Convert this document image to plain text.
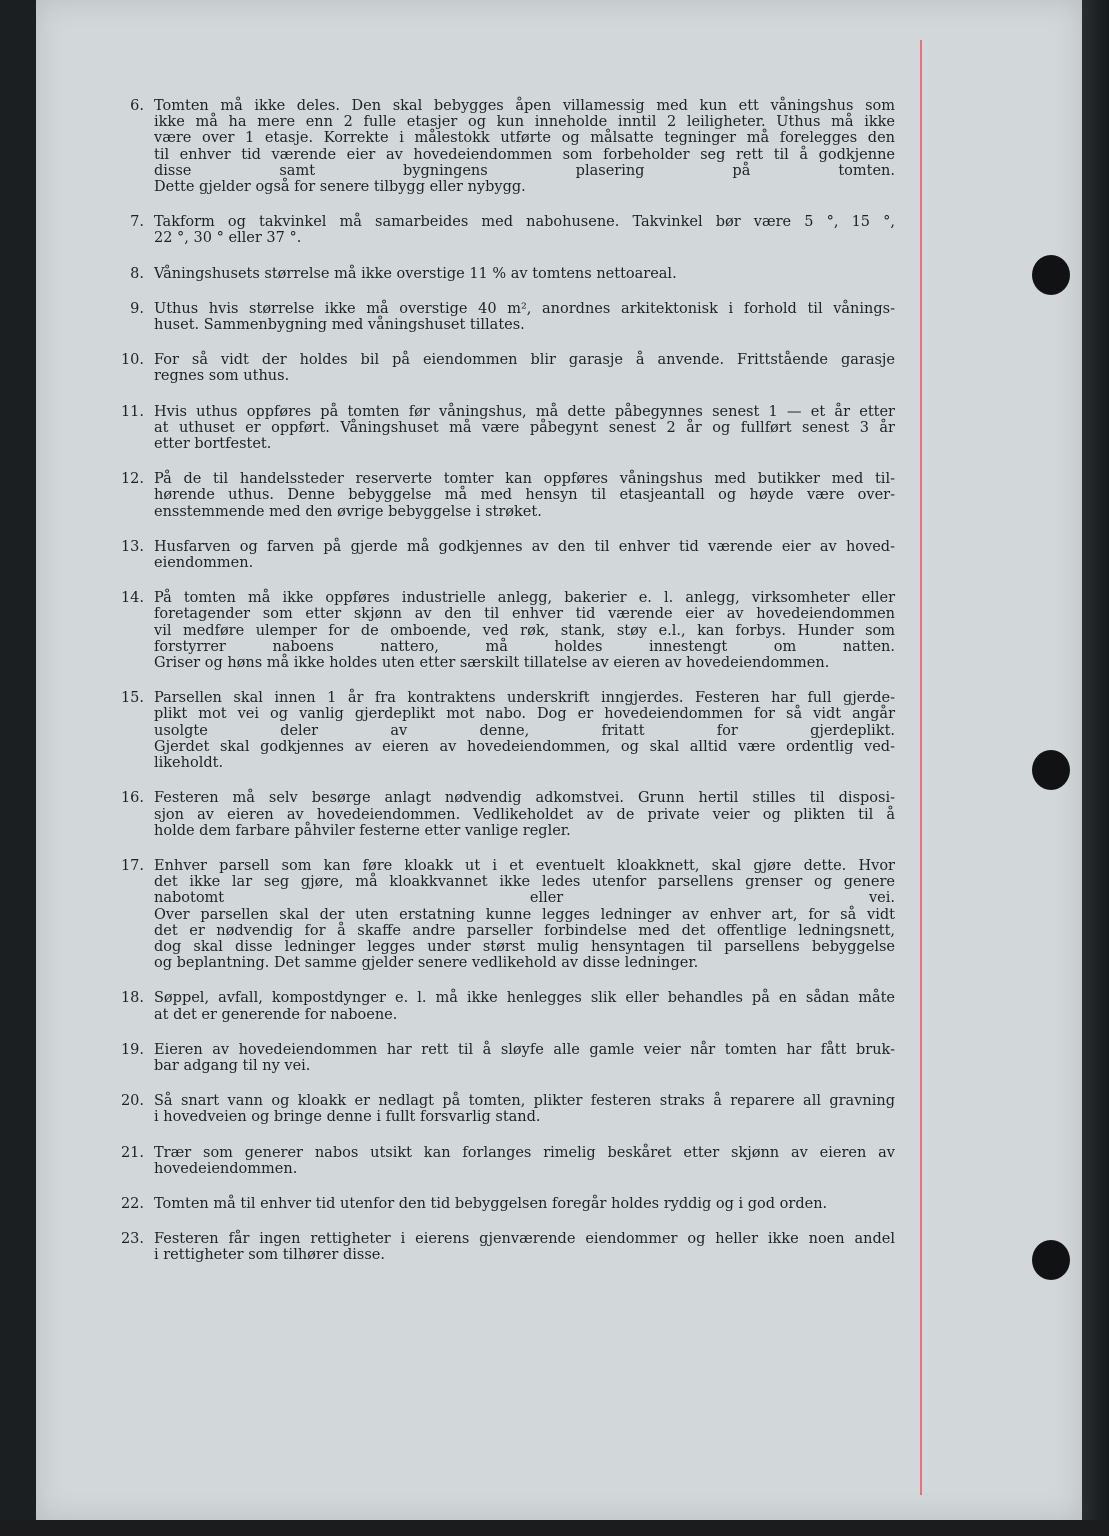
6. Tomten må ikke deles. Den skal bebygges åpen villamessig med kun ett våningshus som
ikke må ha mere enn 2 fulle etasjer og kun inneholde inntil 2 leiligheter. Uthus må ikke
være over 1 etasje. Korrekte i målestokk utførte og målsatte tegninger må forelegges den
til enhver tid værende eier av hovedeiendommen som forbeholder seg rett til å godkjenne
disse samt bygningens plasering på tomten.
Dette gjelder også for senere tilbygg eller nybygg.
7. Takform og takvinkel må samarbeides med nabohusene. Takvinkel bør være 5 °, 15 °,
22 °, 30 ° eller 37 °.
8. Våningshusets størrelse må ikke overstige 11 % av tomtens nettoareal.
9. Uthus hvis størrelse ikke må overstige 40 m², anordnes arkitektonisk i forhold til vånings-
huset. Sammenbygning med våningshuset tillates.
10. For så vidt der holdes bil på eiendommen blir garasje å anvende. Frittstående garasje
regnes som uthus.
11. Hvis uthus oppføres på tomten før våningshus, må dette påbegynnes senest 1 — et år etter
at uthuset er oppført. Våningshuset må være påbegynt senest 2 år og fullført senest 3 år
etter bortfestet.
12. På de til handelssteder reserverte tomter kan oppføres våningshus med butikker med til-
hørende uthus. Denne bebyggelse må med hensyn til etasjeantall og høyde være over-
ensstemmende med den øvrige bebyggelse i strøket.
13. Husfarven og farven på gjerde må godkjennes av den til enhver tid værende eier av hoved-
eiendommen.
14. På tomten må ikke oppføres industrielle anlegg, bakerier e. l. anlegg, virksomheter eller
foretagender som etter skjønn av den til enhver tid værende eier av hovedeiendommen
vil medføre ulemper for de omboende, ved røk, stank, støy e.l., kan forbys. Hunder som
forstyrrer naboens nattero, må holdes innestengt om natten.
Griser og høns må ikke holdes uten etter særskilt tillatelse av eieren av hovedeiendommen.
15. Parsellen skal innen 1 år fra kontraktens underskrift inngjerdes. Festeren har full gjerde-
plikt mot vei og vanlig gjerdeplikt mot nabo. Dog er hovedeiendommen for så vidt angår
usolgte deler av denne, fritatt for gjerdeplikt.
Gjerdet skal godkjennes av eieren av hovedeiendommen, og skal alltid være ordentlig ved-
likeholdt.
16. Festeren må selv besørge anlagt nødvendig adkomstvei. Grunn hertil stilles til disposi-
sjon av eieren av hovedeiendommen. Vedlikeholdet av de private veier og plikten til å
holde dem farbare påhviler festerne etter vanlige regler.
17. Enhver parsell som kan føre kloakk ut i et eventuelt kloakknett, skal gjøre dette. Hvor
det ikke lar seg gjøre, må kloakkvannet ikke ledes utenfor parsellens grenser og genere
nabotomt eller vei.
Over parsellen skal der uten erstatning kunne legges ledninger av enhver art, for så vidt
det er nødvendig for å skaffe andre parseller forbindelse med det offentlige ledningsnett,
dog skal disse ledninger legges under størst mulig hensyntagen til parsellens bebyggelse
og beplantning. Det samme gjelder senere vedlikehold av disse ledninger.
18. Søppel, avfall, kompostdynger e. l. må ikke henlegges slik eller behandles på en sådan måte
at det er generende for naboene.
19. Eieren av hovedeiendommen har rett til å sløyfe alle gamle veier når tomten har fått bruk-
bar adgang til ny vei.
20. Så snart vann og kloakk er nedlagt på tomten, plikter festeren straks å reparere all gravning
i hovedveien og bringe denne i fullt forsvarlig stand.
21. Trær som generer nabos utsikt kan forlanges rimelig beskåret etter skjønn av eieren av
hovedeiendommen.
22. Tomten må til enhver tid utenfor den tid bebyggelsen foregår holdes ryddig og i god orden.
23. Festeren får ingen rettigheter i eierens gjenværende eiendommer og heller ikke noen andel
i rettigheter som tilhører disse.
